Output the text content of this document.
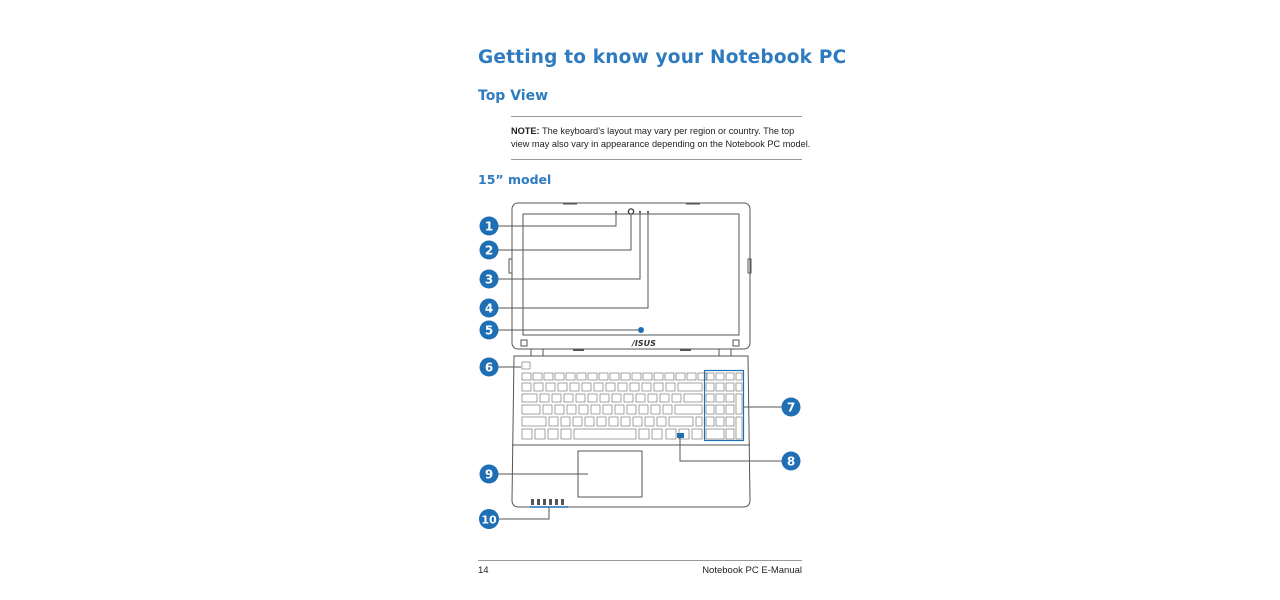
Getting to know your Notebook PC
Top View

NOTE: The keyboard’s layout may vary per region or country. The top view may also vary in appearance depending on the Notebook PC model.

15” model
/ISUS
1
2
3
4
5
6
7
8
9
10
14	Notebook PC E-Manual
